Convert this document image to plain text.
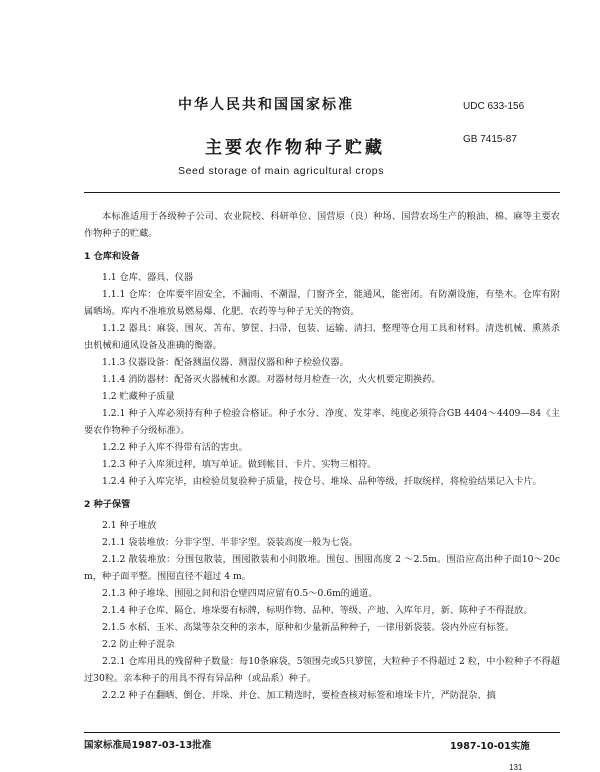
中华人民共和国国家标准	UDC 633-156
主要农作物种子贮藏	GB 7415-87
Seed storage of main agricultural crops

本标准适用于各级种子公司、农业院校、科研单位、国营原（良）种场、国营农场生产的粮油、棉、麻等主要农作物种子的贮藏。

1 仓库和设备

1.1 仓库、器具、仪器

1.1.1 仓库：仓库要牢固安全，不漏雨、不潮湿，门窗齐全，能通风，能密闭。有防潮设施，有垫木。仓库有附属晒场。库内不准堆放易燃易爆、化肥、农药等与种子无关的物资。

1.1.2 器具：麻袋、围灰、苫布、箩筐、扫帚，包装、运输、清扫、整理等仓用工具和材料。清选机械、熏蒸杀虫机械和通风设备及准确的衡器。

1.1.3 仪器设备：配备测温仪器、测湿仪器和种子检验仪器。

1.1.4 消防器材：配备灭火器械和水源。对器材每月检查一次，火火机要定期换药。

1.2 贮藏种子质量

1.2.1 种子入库必须持有种子检验合格证。种子水分、净度、发芽率、纯度必须符合GB 4404～4409—84《主要农作物种子分级标准》。

1.2.2 种子入库不得带有活的害虫。

1.2.3 种子入库须过秤，填写单证。做到帐目、卡片、实物三相符。

1.2.4 种子入库完毕，由检验员复验种子质量，按仓号、堆垛、品种等级，扦取统样，将检验结果记入卡片。

2 种子保管

2.1 种子堆放

2.1.1 袋装堆放：分非字型、半非字型。袋装高度一般为七袋。

2.1.2 散装堆放：分围包散装，围囤散装和小间散堆。围包、围囤高度 2 ～2.5m。围沿应高出种子面10～20cm，种子面平整。围囤直径不超过 4 m。

2.1.3 种子堆垛、围囤之间和沿仓壁四周应留有0.5～0.6m的通道。

2.1.4 种子仓库、隔仓、堆垛要有标牌，标明作物、品种、等级、产地、入库年月，新、陈种子不得混放。

2.1.5 水稻、玉米、高粱等杂交种的亲本，原种和少量新品种种子，一律用新袋装。袋内外应有标签。

2.2 防止种子混杂

2.2.1 仓库用具的残留种子数量：每10条麻袋，5领围壳或5只箩筐，大粒种子不得超过 2 粒，中小粒种子不得超过30粒。亲本种子的用具不得有异品种（或品系）种子。

2.2.2 种子在翻晒、倒仓、并垛、并仓、加工精选时，要检查核对标签和堆垛卡片，严防混杂、搞

国家标准局1987-03-13批准	1987-10-01实施
131
